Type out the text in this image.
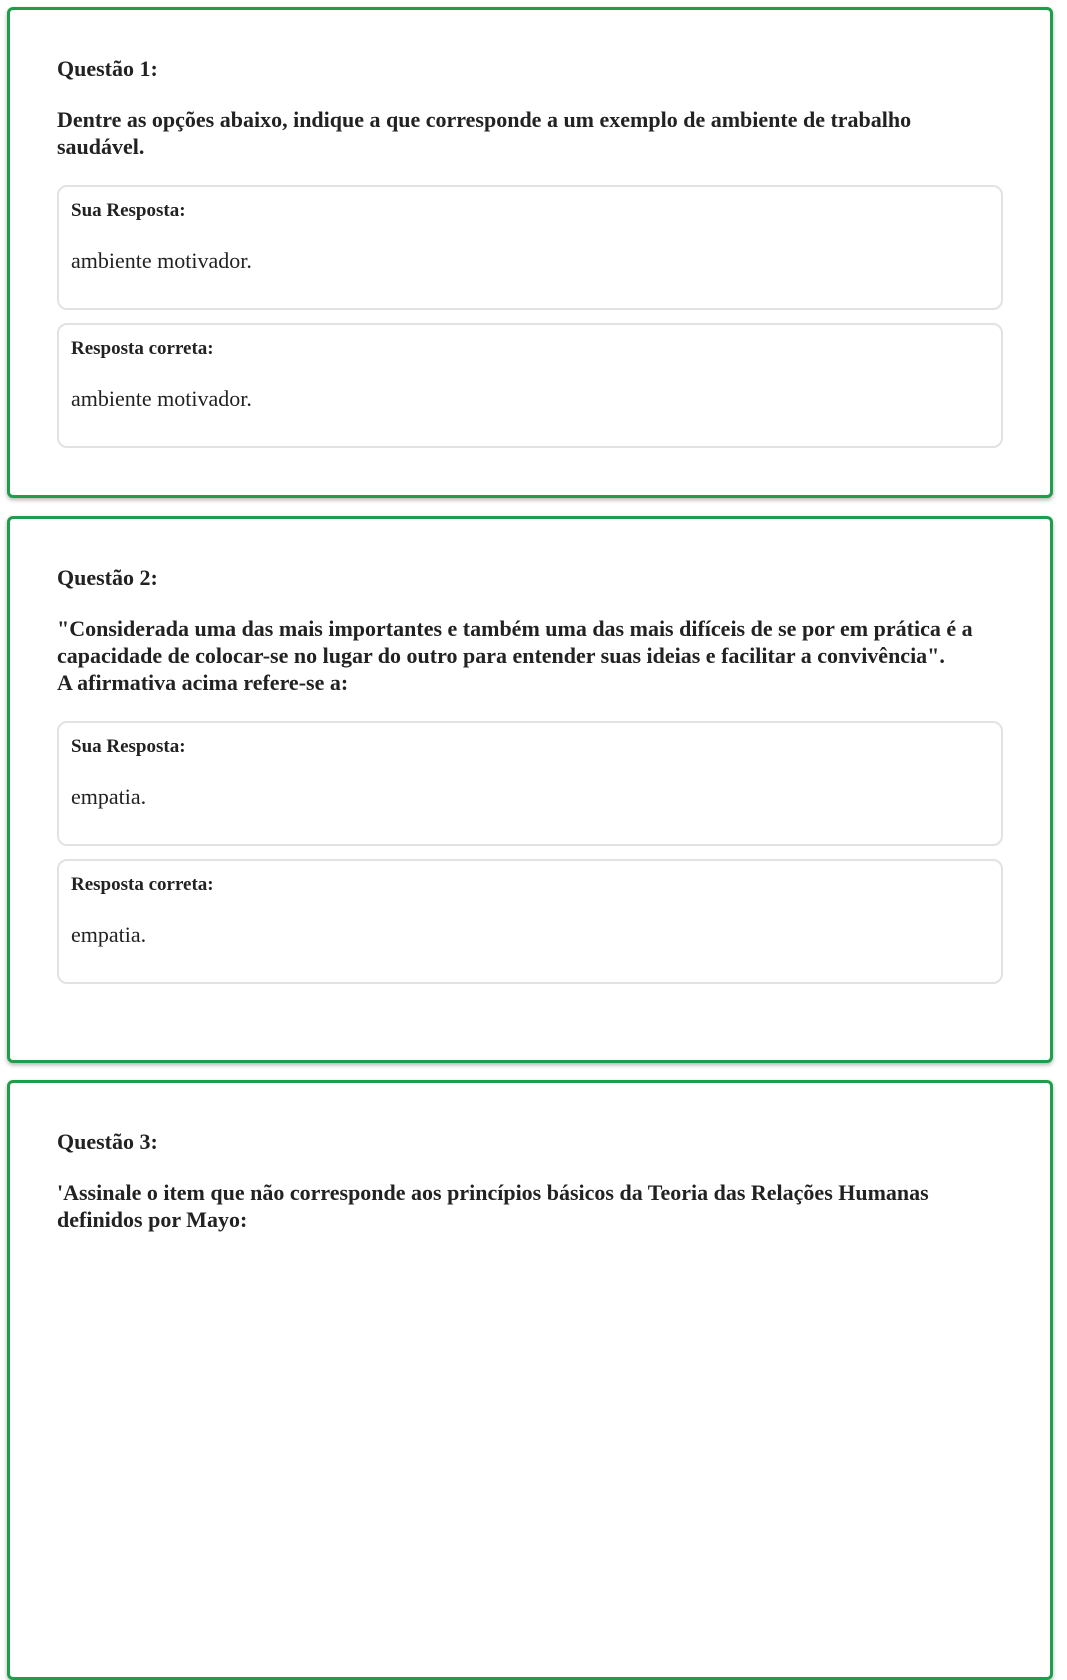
Questão 1:

Dentre as opções abaixo, indique a que corresponde a um exemplo de ambiente de trabalho saudável.

Sua Resposta:
ambiente motivador.
Resposta correta:
ambiente motivador.

Questão 2:

"Considerada uma das mais importantes e também uma das mais difíceis de se por em prática é a capacidade de colocar-se no lugar do outro para entender suas ideias e facilitar a convivência".
A afirmativa acima refere-se a:

Sua Resposta:
empatia.
Resposta correta:
empatia.

Questão 3:

'Assinale o item que não corresponde aos princípios básicos da Teoria das Relações Humanas definidos por Mayo:
